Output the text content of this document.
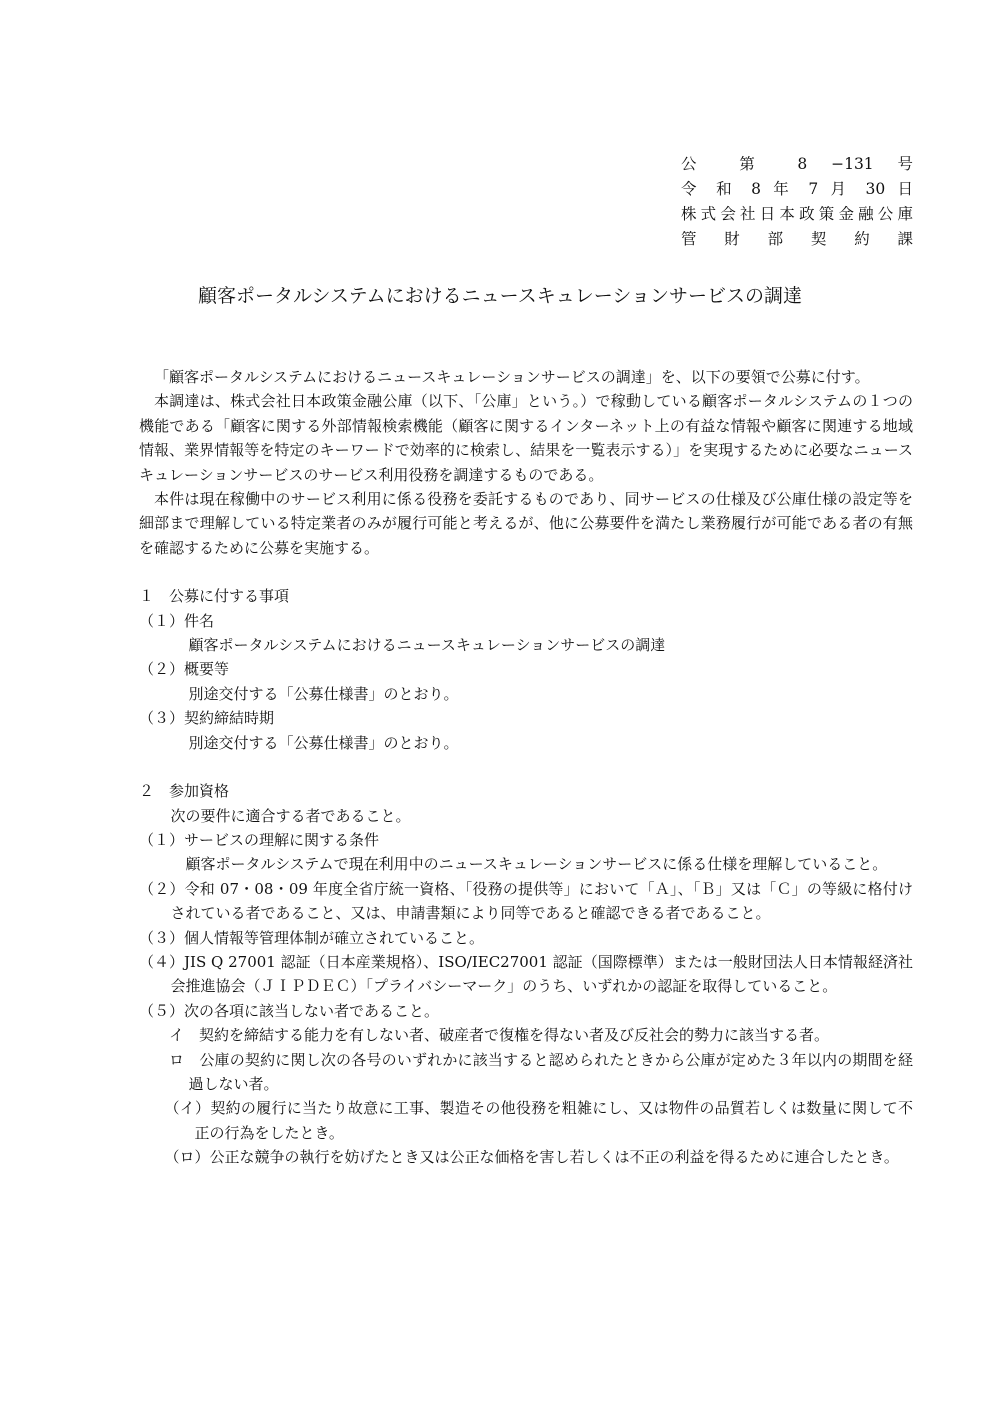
公 第 8 −131 号
令 和 8 年 7 月 30 日
株式会社日本政策金融公庫
管 財 部 契 約 課
顧客ポータルシステムにおけるニュースキュレーションサービスの調達

「顧客ポータルシステムにおけるニュースキュレーションサービスの調達」を、以下の要領で公募に付す。

本調達は、株式会社日本政策金融公庫（以下、「公庫」という。）で稼動している顧客ポータルシステムの１つの機能である「顧客に関する外部情報検索機能（顧客に関するインターネット上の有益な情報や顧客に関連する地域情報、業界情報等を特定のキーワードで効率的に検索し、結果を一覧表示する）」を実現するために必要なニュースキュレーションサービスのサービス利用役務を調達するものである。

本件は現在稼働中のサービス利用に係る役務を委託するものであり、同サービスの仕様及び公庫仕様の設定等を細部まで理解している特定業者のみが履行可能と考えるが、他に公募要件を満たし業務履行が可能である者の有無を確認するために公募を実施する。

１　公募に付する事項

（１）件名

顧客ポータルシステムにおけるニュースキュレーションサービスの調達

（２）概要等

別途交付する「公募仕様書」のとおり。

（３）契約締結時期

別途交付する「公募仕様書」のとおり。

２　参加資格

次の要件に適合する者であること。

（１）サービスの理解に関する条件

顧客ポータルシステムで現在利用中のニュースキュレーションサービスに係る仕様を理解していること。

（２）令和 07・08・09 年度全省庁統一資格、「役務の提供等」において「Ａ」、「Ｂ」又は「Ｃ」の等級に格付けされている者であること、又は、申請書類により同等であると確認できる者であること。

（３）個人情報等管理体制が確立されていること。

（４）JIS Q 27001 認証（日本産業規格）、ISO/IEC27001 認証（国際標準）または一般財団法人日本情報経済社会推進協会（ＪＩＰＤＥＣ）「プライバシーマーク」のうち、いずれかの認証を取得していること。

（５）次の各項に該当しない者であること。

イ　契約を締結する能力を有しない者、破産者で復権を得ない者及び反社会的勢力に該当する者。

ロ　公庫の契約に関し次の各号のいずれかに該当すると認められたときから公庫が定めた３年以内の期間を経過しない者。

（イ）契約の履行に当たり故意に工事、製造その他役務を粗雑にし、又は物件の品質若しくは数量に関して不正の行為をしたとき。

（ロ）公正な競争の執行を妨げたとき又は公正な価格を害し若しくは不正の利益を得るために連合したとき。
